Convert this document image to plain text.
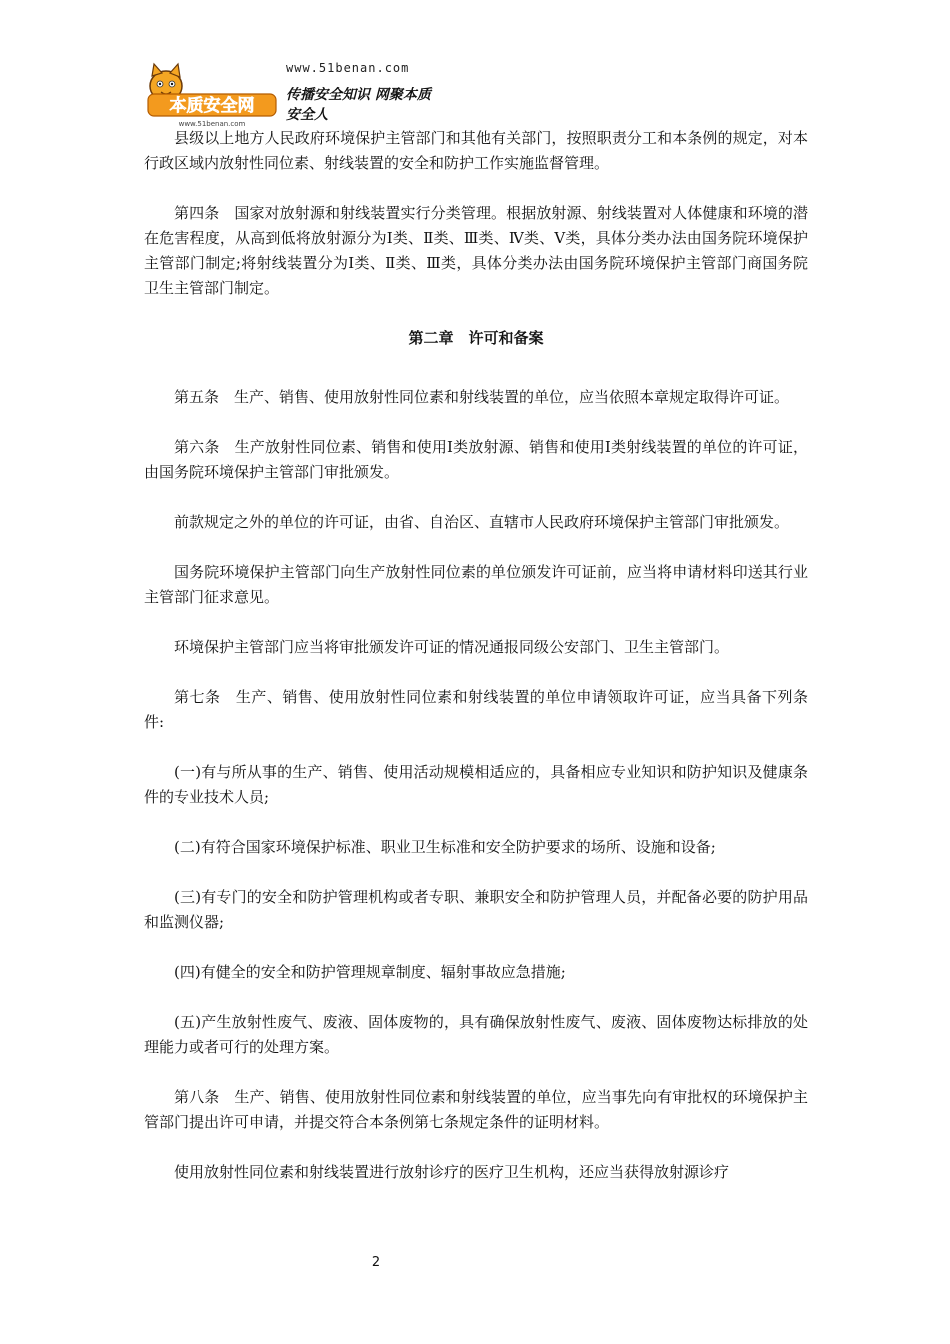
本质安全网
www.51benan.com
www.51benan.com
传播安全知识 网聚本质安全人

县级以上地方人民政府环境保护主管部门和其他有关部门，按照职责分工和本条例的规定，对本行政区域内放射性同位素、射线装置的安全和防护工作实施监督管理。

第四条　国家对放射源和射线装置实行分类管理。根据放射源、射线装置对人体健康和环境的潜在危害程度，从高到低将放射源分为Ⅰ类、Ⅱ类、Ⅲ类、Ⅳ类、Ⅴ类，具体分类办法由国务院环境保护主管部门制定;将射线装置分为Ⅰ类、Ⅱ类、Ⅲ类，具体分类办法由国务院环境保护主管部门商国务院卫生主管部门制定。

第二章　许可和备案

第五条　生产、销售、使用放射性同位素和射线装置的单位，应当依照本章规定取得许可证。

第六条　生产放射性同位素、销售和使用Ⅰ类放射源、销售和使用Ⅰ类射线装置的单位的许可证，由国务院环境保护主管部门审批颁发。

前款规定之外的单位的许可证，由省、自治区、直辖市人民政府环境保护主管部门审批颁发。

国务院环境保护主管部门向生产放射性同位素的单位颁发许可证前，应当将申请材料印送其行业主管部门征求意见。

环境保护主管部门应当将审批颁发许可证的情况通报同级公安部门、卫生主管部门。

第七条　生产、销售、使用放射性同位素和射线装置的单位申请领取许可证，应当具备下列条件:

(一)有与所从事的生产、销售、使用活动规模相适应的，具备相应专业知识和防护知识及健康条件的专业技术人员;

(二)有符合国家环境保护标准、职业卫生标准和安全防护要求的场所、设施和设备;

(三)有专门的安全和防护管理机构或者专职、兼职安全和防护管理人员，并配备必要的防护用品和监测仪器;

(四)有健全的安全和防护管理规章制度、辐射事故应急措施;

(五)产生放射性废气、废液、固体废物的，具有确保放射性废气、废液、固体废物达标排放的处理能力或者可行的处理方案。

第八条　生产、销售、使用放射性同位素和射线装置的单位，应当事先向有审批权的环境保护主管部门提出许可申请，并提交符合本条例第七条规定条件的证明材料。

使用放射性同位素和射线装置进行放射诊疗的医疗卫生机构，还应当获得放射源诊疗

2
